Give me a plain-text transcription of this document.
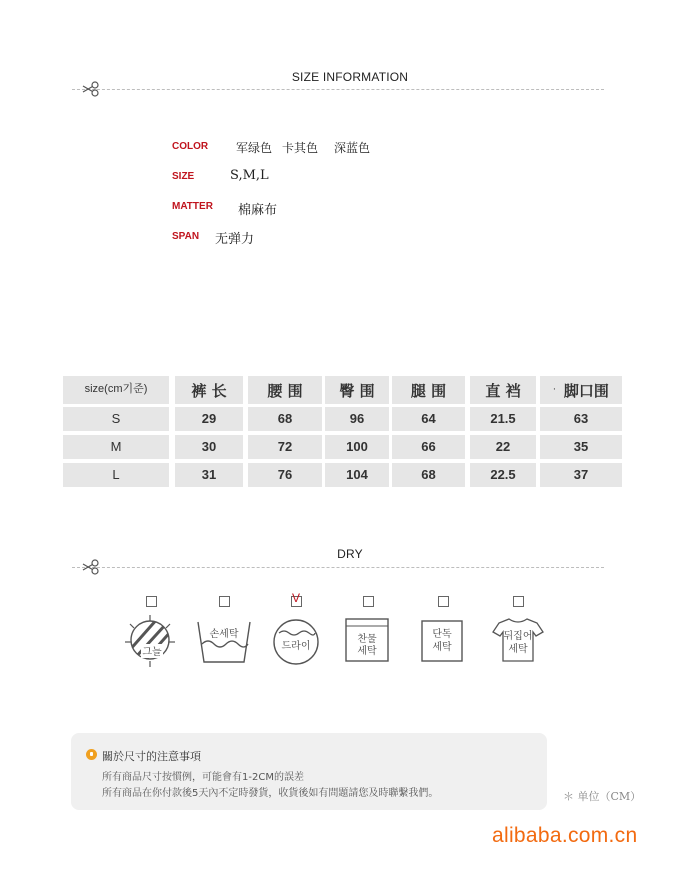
SIZE INFORMATION
COLOR 军绿色 卡其色 深蓝色
SIZE	S,M,L
MATTER 棉麻布
SPAN 无弹力
size(cm기준)	裤 长	腰 围	臀 围	腿 围	直 裆	· 脚口围
S	29	68	96	64	21.5	63
M	30	72	100	66	22	35
L	31	76	104	68	22.5	37
DRY
V
그늘
손세탁
드라이
찬물
세탁
단독
세탁
뒤집어
세탁
關於尺寸的注意事項
所有商品尺寸按慣例，可能會有1-2CM的誤差
所有商品在你付款後5天內不定時發貨，收貨後如有問題請您及時聯繫我們。	＊ 单位（CM）
alibaba.com.cn
